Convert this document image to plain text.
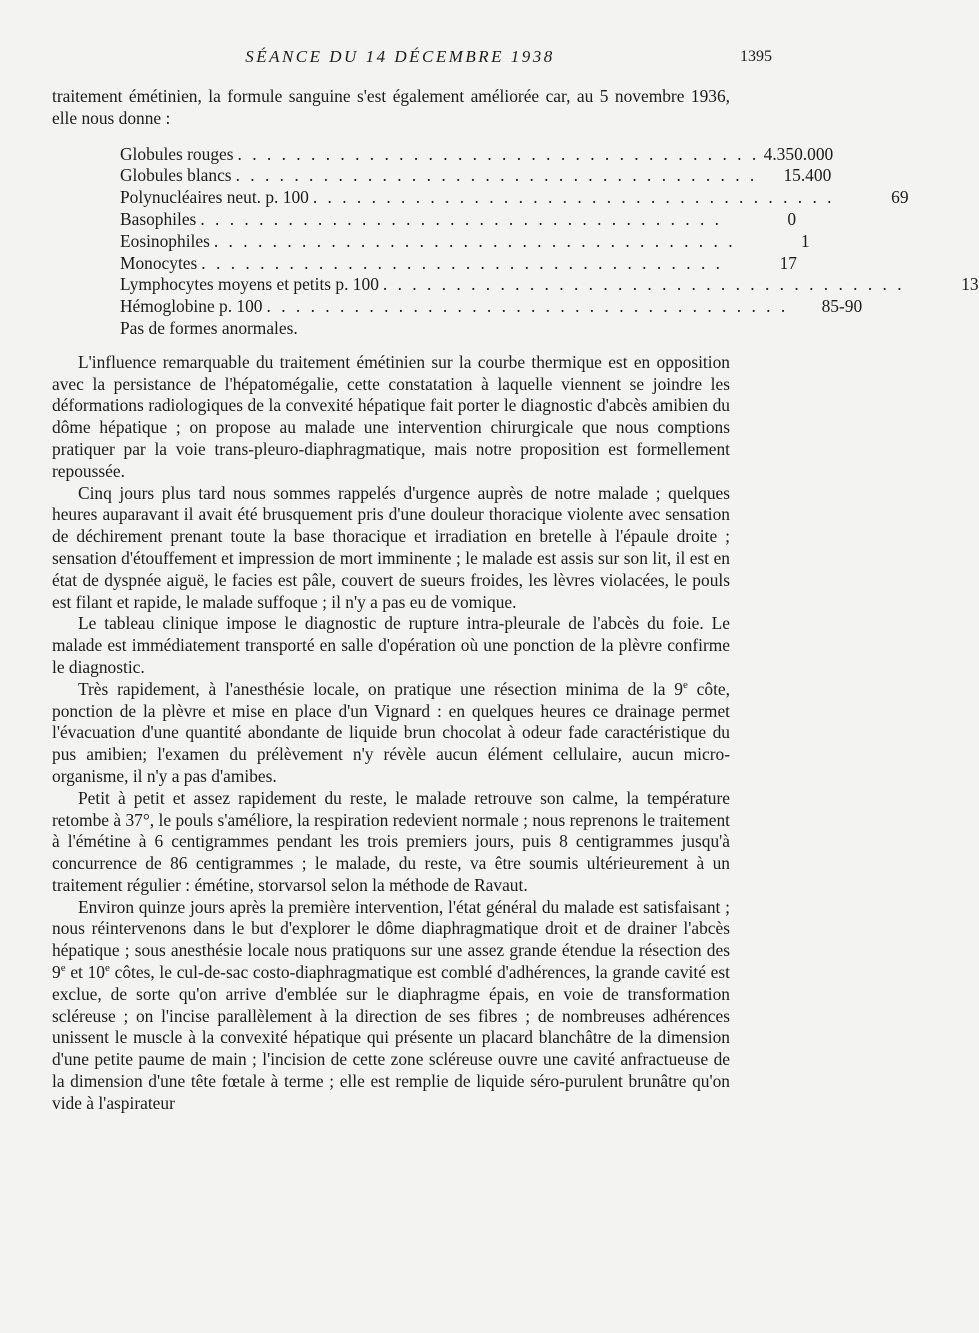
SÉANCE DU 14 DÉCEMBRE 1938	1395

traitement émétinien, la formule sanguine s'est également améliorée car, au 5 novembre 1936, elle nous donne :

Globules rouges . . . . . . . . . . . . . . . . . . . . . . . . . . . . . . . . . . . . 4.350.000
Globules blancs . . . . . . . . . . . . . . . . . . . . . . . . . . . . . . . . . . . .	15.400
Polynucléaires neut. p. 100 . . . . . . . . . . . . . . . . . . . . . . . . . . . . . . . . . . . .	69
Basophiles . . . . . . . . . . . . . . . . . . . . . . . . . . . . . . . . . . . .	0
Eosinophiles . . . . . . . . . . . . . . . . . . . . . . . . . . . . . . . . . . . .	1
Monocytes . . . . . . . . . . . . . . . . . . . . . . . . . . . . . . . . . . . .	17
Lymphocytes moyens et petits p. 100 . . . . . . . . . . . . . . . . . . . . . . . . . . . . . . . . . . . .	13
Hémoglobine p. 100 . . . . . . . . . . . . . . . . . . . . . . . . . . . . . . . . . . . .	85-90
Pas de formes anormales.

L'influence remarquable du traitement émétinien sur la courbe thermique est en opposition avec la persistance de l'hépatomégalie, cette constatation à laquelle viennent se joindre les déformations radiologiques de la convexité hépatique fait porter le diagnostic d'abcès amibien du dôme hépatique ; on propose au malade une intervention chirurgicale que nous comptions pratiquer par la voie trans-pleuro-diaphragmatique, mais notre proposition est formellement repoussée.

Cinq jours plus tard nous sommes rappelés d'urgence auprès de notre malade ; quelques heures auparavant il avait été brusquement pris d'une douleur thoracique violente avec sensation de déchirement prenant toute la base thoracique et irradiation en bretelle à l'épaule droite ; sensation d'étouffement et impression de mort imminente ; le malade est assis sur son lit, il est en état de dyspnée aiguë, le facies est pâle, couvert de sueurs froides, les lèvres violacées, le pouls est filant et rapide, le malade suffoque ; il n'y a pas eu de vomique.

Le tableau clinique impose le diagnostic de rupture intra-pleurale de l'abcès du foie. Le malade est immédiatement transporté en salle d'opération où une ponction de la plèvre confirme le diagnostic.

Très rapidement, à l'anesthésie locale, on pratique une résection minima de la 9e côte, ponction de la plèvre et mise en place d'un Vignard : en quelques heures ce drainage permet l'évacuation d'une quantité abondante de liquide brun chocolat à odeur fade caractéristique du pus amibien; l'examen du prélèvement n'y révèle aucun élément cellulaire, aucun micro-organisme, il n'y a pas d'amibes.

Petit à petit et assez rapidement du reste, le malade retrouve son calme, la température retombe à 37°, le pouls s'améliore, la respiration redevient normale ; nous reprenons le traitement à l'émétine à 6 centigrammes pendant les trois premiers jours, puis 8 centigrammes jusqu'à concurrence de 86 centigrammes ; le malade, du reste, va être soumis ultérieurement à un traitement régulier : émétine, storvarsol selon la méthode de Ravaut.

Environ quinze jours après la première intervention, l'état général du malade est satisfaisant ; nous réintervenons dans le but d'explorer le dôme diaphragmatique droit et de drainer l'abcès hépatique ; sous anesthésie locale nous pratiquons sur une assez grande étendue la résection des 9e et 10e côtes, le cul-de-sac costo-diaphragmatique est comblé d'adhérences, la grande cavité est exclue, de sorte qu'on arrive d'emblée sur le diaphragme épais, en voie de transformation scléreuse ; on l'incise parallèlement à la direction de ses fibres ; de nombreuses adhérences unissent le muscle à la convexité hépatique qui présente un placard blanchâtre de la dimension d'une petite paume de main ; l'incision de cette zone scléreuse ouvre une cavité anfractueuse de la dimension d'une tête fœtale à terme ; elle est remplie de liquide séro-purulent brunâtre qu'on vide à l'aspirateur
